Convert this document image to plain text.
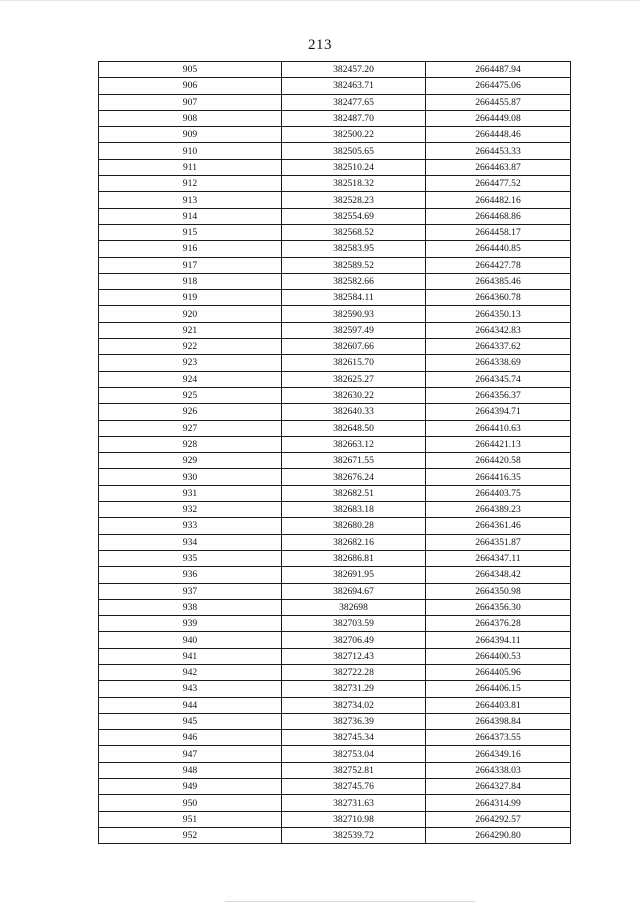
213
905	382457.20	2664487.94
906	382463.71	2664475.06
907	382477.65	2664455.87
908	382487.70	2664449.08
909	382500.22	2664448.46
910	382505.65	2664453.33
911	382510.24	2664463.87
912	382518.32	2664477.52
913	382528.23	2664482.16
914	382554.69	2664468.86
915	382568.52	2664458.17
916	382583.95	2664440.85
917	382589.52	2664427.78
918	382582.66	2664385.46
919	382584.11	2664360.78
920	382590.93	2664350.13
921	382597.49	2664342.83
922	382607.66	2664337.62
923	382615.70	2664338.69
924	382625.27	2664345.74
925	382630.22	2664356.37
926	382640.33	2664394.71
927	382648.50	2664410.63
928	382663.12	2664421.13
929	382671.55	2664420.58
930	382676.24	2664416.35
931	382682.51	2664403.75
932	382683.18	2664389.23
933	382680.28	2664361.46
934	382682.16	2664351.87
935	382686.81	2664347.11
936	382691.95	2664348.42
937	382694.67	2664350.98
938	382698	2664356.30
939	382703.59	2664376.28
940	382706.49	2664394.11
941	382712.43	2664400.53
942	382722.28	2664405.96
943	382731.29	2664406.15
944	382734.02	2664403.81
945	382736.39	2664398.84
946	382745.34	2664373.55
947	382753.04	2664349.16
948	382752.81	2664338.03
949	382745.76	2664327.84
950	382731.63	2664314.99
951	382710.98	2664292.57
952	382539.72	2664290.80
